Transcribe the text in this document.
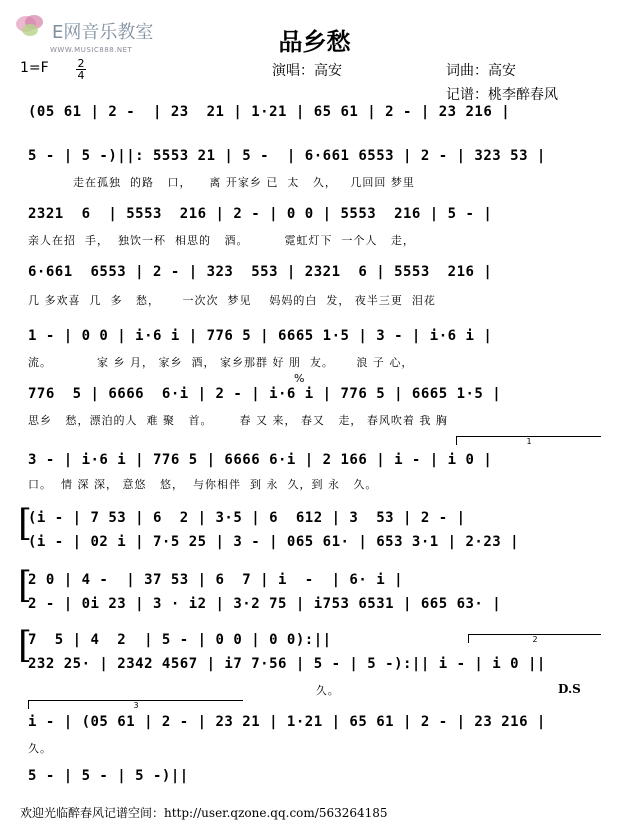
E网音乐教室
WWW.MUSIC888.NET	品乡愁
1=F	2
4	演唱：高安	词曲：高安
记谱：桃李醉春风
(05 61 | 2 -  | 23  21 | 1·21 | 65 61 | 2 - | 23 216 |
5 - | 5 -)||: 5553 21 | 5 -  | 6·661 6553 | 2 - | 323 53 |
走在孤独  的路   口，    离 开家乡 已  太   久，   几回回 梦里
2321  6  | 5553  216 | 2 - | 0 0 | 5553  216 | 5 - |
亲人在招  手，  独饮一杯  相思的   酒。        霓虹灯下  一个人   走，
6·661  6553 | 2 - | 323  553 | 2321  6 | 5553  216 |
几 多欢喜  几  多   愁，     一次次  梦见    妈妈的白  发， 夜半三更  泪花
1 - | 0 0 | i·6 i | 776 5 | 6665 1·5 | 3 - | i·6 i |
流。          家 乡 月， 家乡  酒， 家乡那群 好 朋  友。     浪 子 心，
%
776  5 | 6666  6·i | 2 - | i·6 i | 776 5 | 6665 1·5 |
思乡   愁，漂泊的人  难 聚   首。      春 又 来， 春又   走， 春风吹着 我 胸
1
3 - | i·6 i | 776 5 | 6666 6·i | 2 166 | i - | i 0 |
口。  情 深 深， 意悠   悠，  与你相伴  到 永  久，到 永   久。
[
(i - | 7 53 | 6  2 | 3·5 | 6  612 | 3  53 | 2 - |
(i - | 02 i | 7·5 25 | 3 - | 065 61· | 653 3·1 | 2·23 |
[
2 0 | 4 -  | 37 53 | 6  7 | i  -  | 6· i |
2 - | 0i 23 | 3 · i2 | 3·2 75 | i753 6531 | 665 63· |
[	2
7  5 | 4  2  | 5 - | 0 0 | 0 0):||
232 25· | 2342 4567 | i7 7·56 | 5 - | 5 -):|| i - | i 0 ||
久。	D.S
3
i - | (05 61 | 2 - | 23 21 | 1·21 | 65 61 | 2 - | 23 216 |
久。
5 - | 5 - | 5 -)||
欢迎光临醉春风记谱空间：http://user.qzone.qq.com/563264185
